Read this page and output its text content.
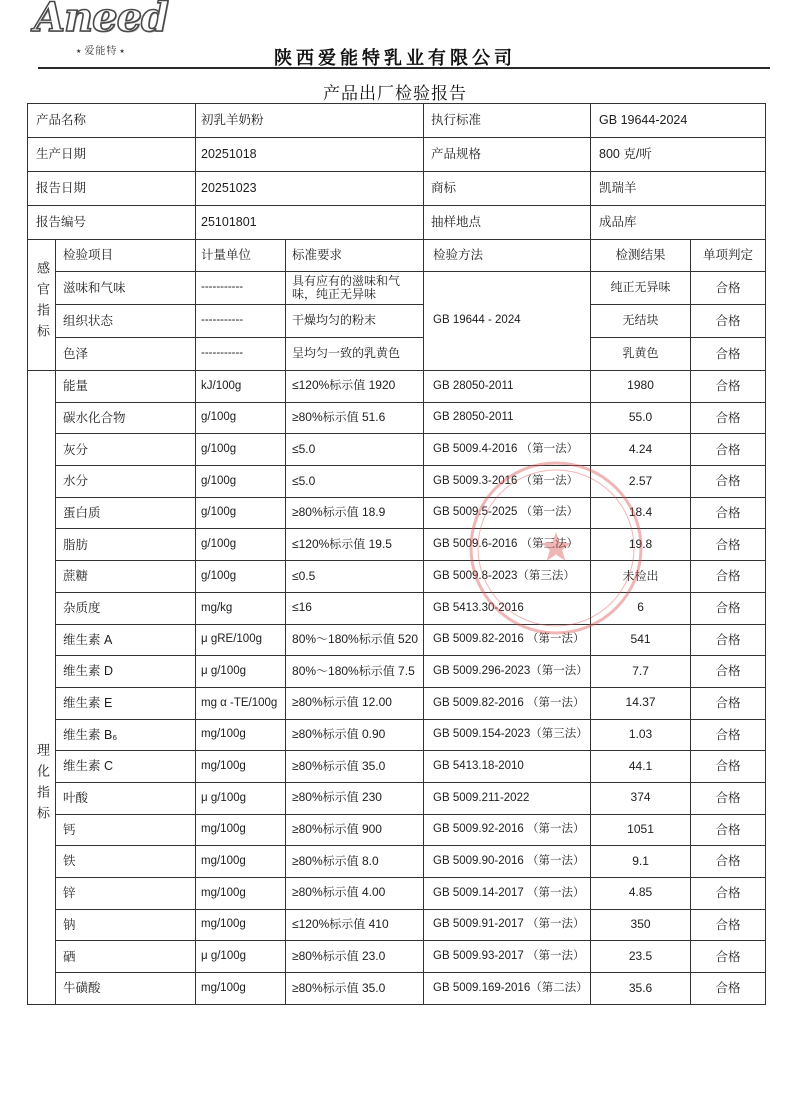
Aneed
★ 爱能特 ★	陕西爱能特乳业有限公司
产品出厂检验报告
产品名称		初乳羊奶粉		执行标准	GB 19644-2024	
生产日期		20251018		产品规格	800 克/听	
报告日期		20251023		商标	凯瑞羊	
报告编号		25101801		抽样地点	成品库	
感官指标	检验项目	计量单位	标准要求	检验方法	检测结果	单项判定
	滋味和气味	-----------	具有应有的滋味和气味，纯正无异味	GB 19644 - 2024	纯正无异味	合格
	组织状态	-----------	干燥均匀的粉末		无结块	合格
	色泽	-----------	呈均匀一致的乳黄色		乳黄色	合格
理化指标	能量	kJ/100g	≤120%标示值 1920	GB 28050-2011	1980	合格
	碳水化合物	g/100g	≥80%标示值 51.6	GB 28050-2011	55.0	合格
	灰分	g/100g	≤5.0	GB 5009.4-2016 （第一法）	4.24	合格
	水分	g/100g	≤5.0	GB 5009.3-2016 （第一法）	2.57	合格
	蛋白质	g/100g	≥80%标示值 18.9	GB 5009.5-2025 （第一法）	18.4	合格
	脂肪	g/100g	≤120%标示值 19.5	GB 5009.6-2016 （第三法）	19.8	合格
	蔗糖	g/100g	≤0.5	GB 5009.8-2023（第三法）	未检出	合格
	杂质度	mg/kg	≤16	GB 5413.30-2016	6	合格
	维生素 A	μ gRE/100g	80%～180%标示值 520	GB 5009.82-2016 （第一法）	541	合格
	维生素 D	μ g/100g	80%～180%标示值 7.5	GB 5009.296-2023（第一法）	7.7	合格
	维生素 E	mg α -TE/100g	≥80%标示值 12.00	GB 5009.82-2016 （第一法）	14.37	合格
	维生素 B₆	mg/100g	≥80%标示值 0.90	GB 5009.154-2023（第三法）	1.03	合格
	维生素 C	mg/100g	≥80%标示值 35.0	GB 5413.18-2010	44.1	合格
	叶酸	μ g/100g	≥80%标示值 230	GB 5009.211-2022	374	合格
	钙	mg/100g	≥80%标示值 900	GB 5009.92-2016 （第一法）	1051	合格
	铁	mg/100g	≥80%标示值 8.0	GB 5009.90-2016 （第一法）	9.1	合格
	锌	mg/100g	≥80%标示值 4.00	GB 5009.14-2017 （第一法）	4.85	合格
	钠	mg/100g	≤120%标示值 410	GB 5009.91-2017 （第一法）	350	合格
	硒	μ g/100g	≥80%标示值 23.0	GB 5009.93-2017 （第一法）	23.5	合格
	牛磺酸	mg/100g	≥80%标示值 35.0	GB 5009.169-2016（第二法）	35.6	合格
